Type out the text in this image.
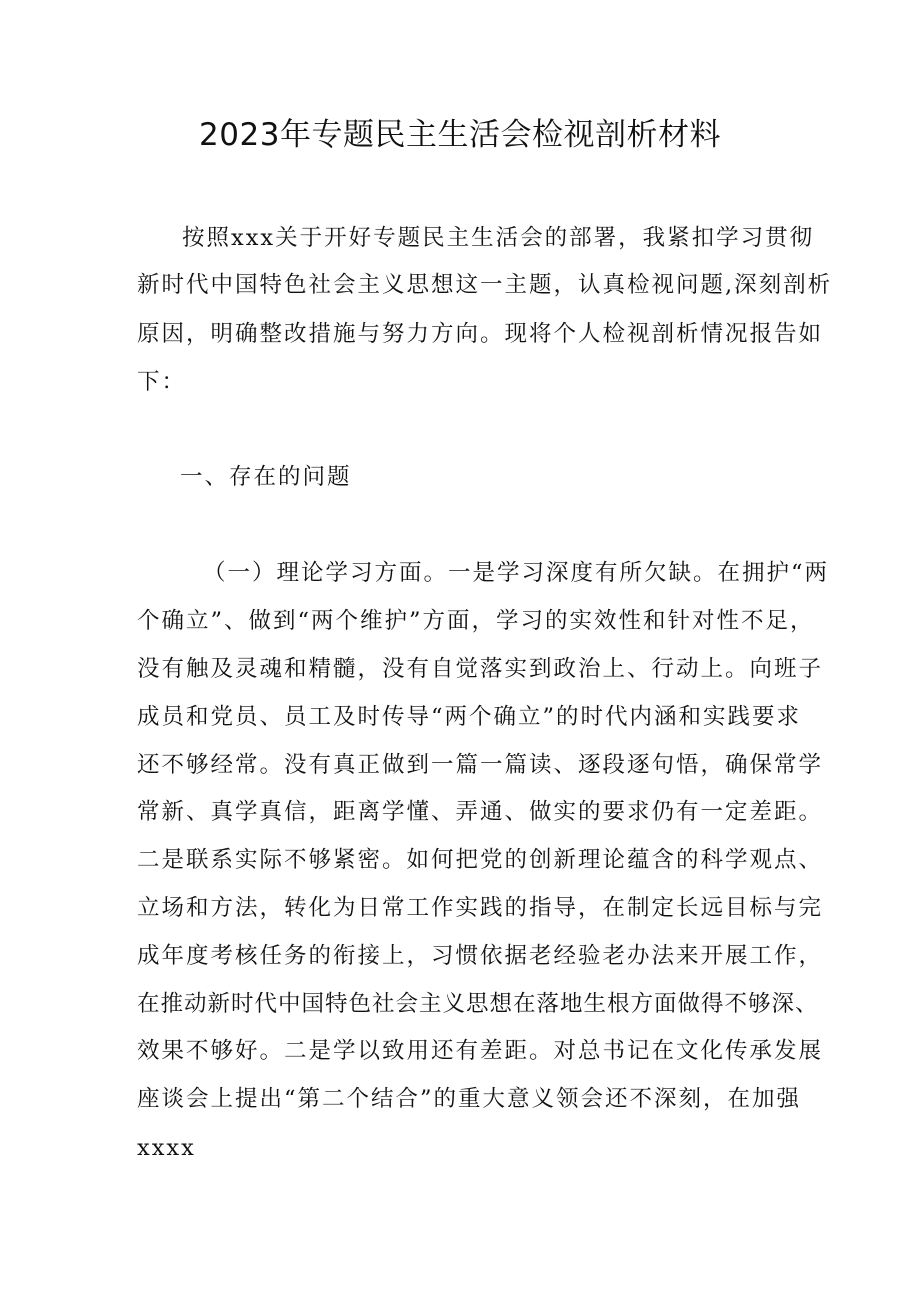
2023年专题民主生活会检视剖析材料
按照xxx关于开好专题民主生活会的部署，我紧扣学习贯彻
新时代中国特色社会主义思想这一主题，认真检视问题,深刻剖析
原因，明确整改措施与努力方向。现将个人检视剖析情况报告如
下：
一、存在的问题
（一）理论学习方面。一是学习深度有所欠缺。在拥护“两
个确立”、做到“两个维护”方面，学习的实效性和针对性不足，
没有触及灵魂和精髓，没有自觉落实到政治上、行动上。向班子
成员和党员、员工及时传导“两个确立”的时代内涵和实践要求
还不够经常。没有真正做到一篇一篇读、逐段逐句悟，确保常学
常新、真学真信，距离学懂、弄通、做实的要求仍有一定差距。
二是联系实际不够紧密。如何把党的创新理论蕴含的科学观点、
立场和方法，转化为日常工作实践的指导，在制定长远目标与完
成年度考核任务的衔接上，习惯依据老经验老办法来开展工作，
在推动新时代中国特色社会主义思想在落地生根方面做得不够深、
效果不够好。二是学以致用还有差距。对总书记在文化传承发展
座谈会上提出“第二个结合”的重大意义领会还不深刻，在加强
xxxx
